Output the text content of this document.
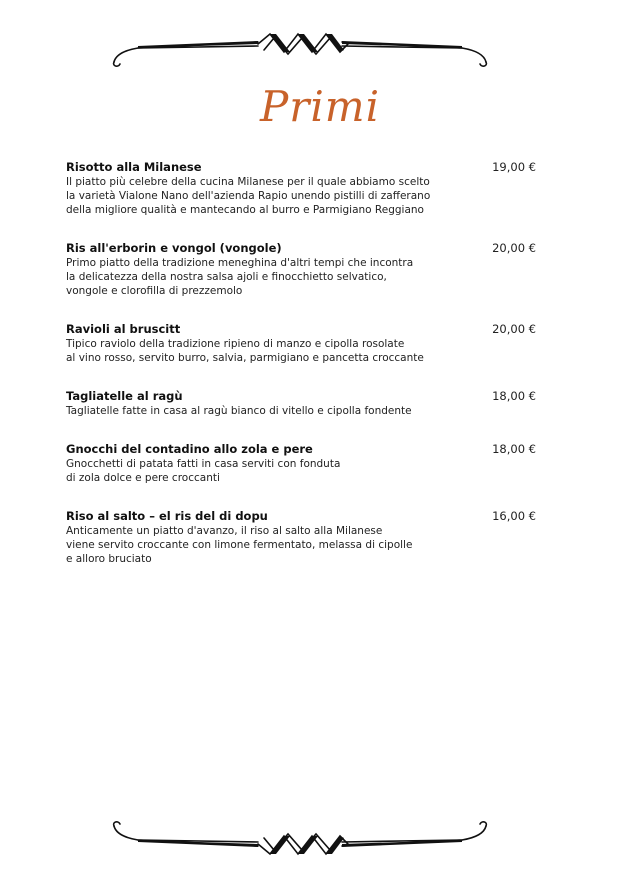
Primi
Risotto alla Milanese	19,00 €
Il piatto più celebre della cucina Milanese per il quale abbiamo scelto
la varietà Vialone Nano dell'azienda Rapio unendo pistilli di zafferano
della migliore qualità e mantecando al burro e Parmigiano Reggiano
Ris all'erborin e vongol (vongole)	20,00 €
Primo piatto della tradizione meneghina d'altri tempi che incontra
la delicatezza della nostra salsa ajoli e finocchietto selvatico,
vongole e clorofilla di prezzemolo
Ravioli al bruscitt	20,00 €
Tipico raviolo della tradizione ripieno di manzo e cipolla rosolate
al vino rosso, servito burro, salvia, parmigiano e pancetta croccante
Tagliatelle al ragù	18,00 €
Tagliatelle fatte in casa al ragù bianco di vitello e cipolla fondente
Gnocchi del contadino allo zola e pere	18,00 €
Gnocchetti di patata fatti in casa serviti con fonduta
di zola dolce e pere croccanti
Riso al salto – el ris del di dopu	16,00 €
Anticamente un piatto d'avanzo, il riso al salto alla Milanese
viene servito croccante con limone fermentato, melassa di cipolle
e alloro bruciato
